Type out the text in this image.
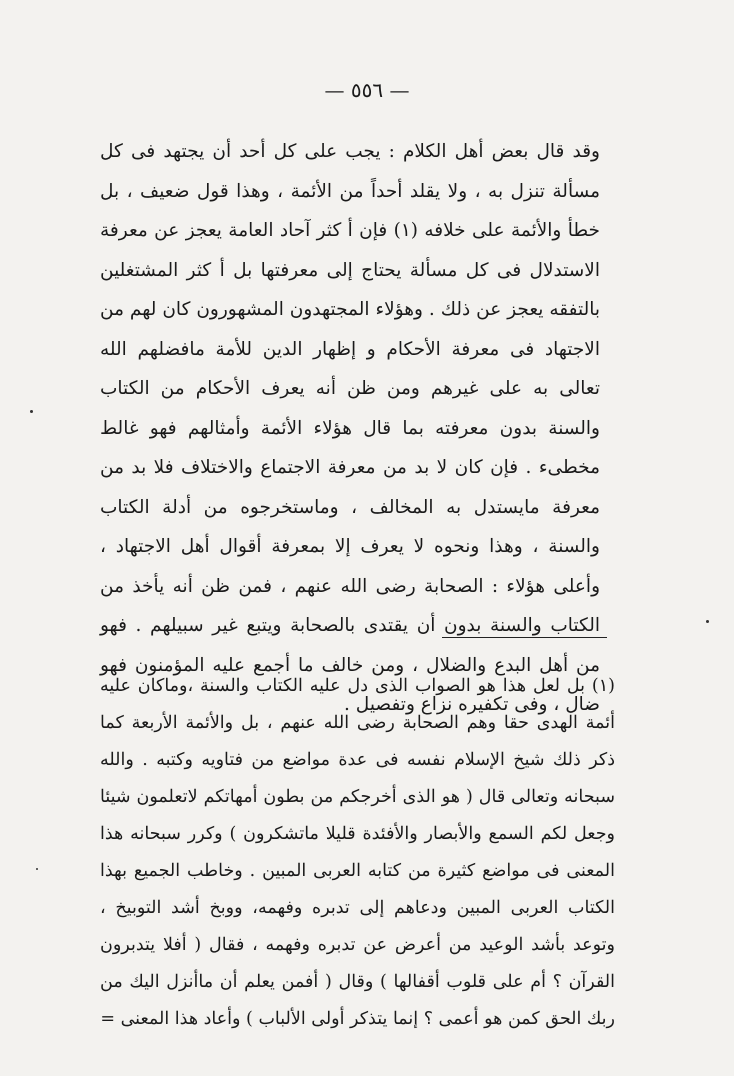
— ٥٥٦ —

وقد قال بعض أهل الكلام : يجب على كل أحد أن يجتهد فى كل مسألة تنزل به ، ولا يقلد أحداً من الأئمة ، وهذا قول ضعيف ، بل خطأ والأئمة على خلافه (١) فإن أ كثر آحاد العامة يعجز عن معرفة الاستدلال فى كل مسألة يحتاج إلى معرفتها بل أ كثر المشتغلين بالتفقه يعجز عن ذلك . وهؤلاء المجتهدون المشهورون كان لهم من الاجتهاد فى معرفة الأحكام و إظهار الدين للأمة مافضلهم الله تعالى به على غيرهم ومن ظن أنه يعرف الأحكام من الكتاب والسنة بدون معرفته بما قال هؤلاء الأئمة وأمثالهم فهو غالط مخطىء . فإن كان لا بد من معرفة الاجتماع والاختلاف فلا بد من معرفة مايستدل به المخالف ، وماستخرجوه من أدلة الكتاب والسنة ، وهذا ونحوه لا يعرف إلا بمعرفة أقوال أهل الاجتهاد ، وأعلى هؤلاء : الصحابة رضى الله عنهم ، فمن ظن أنه يأخذ من الكتاب والسنة بدون أن يقتدى بالصحابة ويتبع غير سبيلهم . فهو من أهل البدع والضلال ، ومن خالف ما أجمع عليه المؤمنون فهو ضال ، وفى تكفيره نزاع وتفصيل .

(١) بل لعل هذا هو الصواب الذى دل عليه الكتاب والسنة ،وماكان عليه أئمة الهدى حقا وهم الصحابة رضى الله عنهم ، بل والأئمة الأربعة كما ذكر ذلك شيخ الإسلام نفسه فى عدة مواضع من فتاويه وكتبه . والله سبحانه وتعالى قال ( هو الذى أخرجكم من بطون أمهاتكم لاتعلمون شيئا وجعل لكم السمع والأبصار والأفئدة قليلا ماتشكرون ) وكرر سبحانه هذا المعنى فى مواضع كثيرة من كتابه العربى المبين . وخاطب الجميع بهذا الكتاب العربى المبين ودعاهم إلى تدبره وفهمه، ووبخ أشد التوبيخ ، وتوعد بأشد الوعيد من أعرض عن تدبره وفهمه ، فقال ( أفلا يتدبرون القرآن ؟ أم على قلوب أقفالها ) وقال ( أفمن يعلم أن ماأنزل اليك من ربك الحق كمن هو أعمى ؟ إنما يتذكر أولى الألباب ) وأعاد هذا المعنى =
